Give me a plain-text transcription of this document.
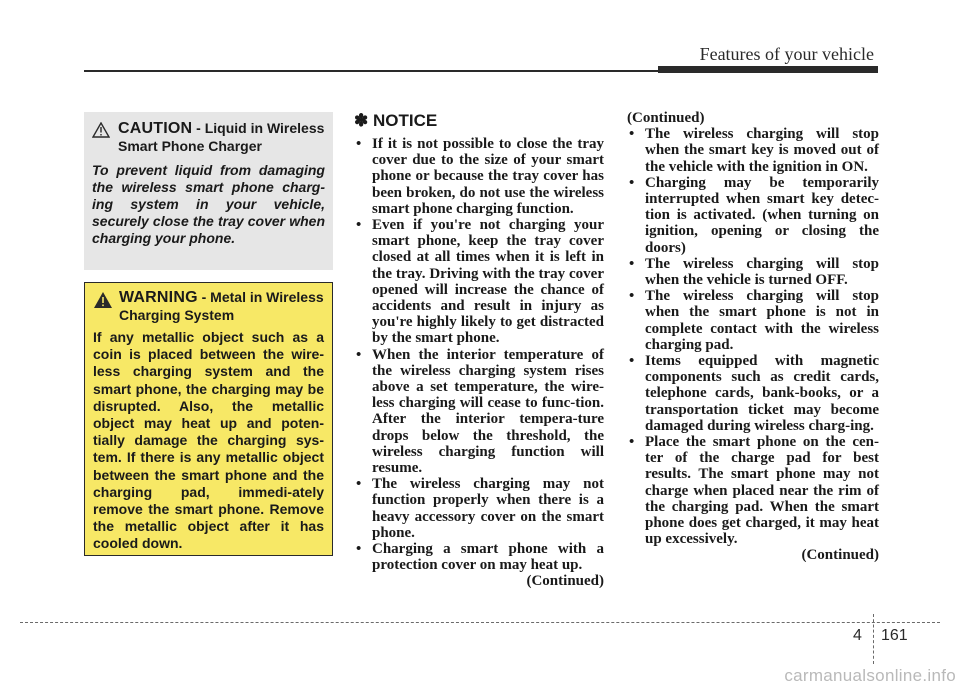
Features of your vehicle
CAUTION - Liquid in Wireless Smart Phone Charger
To prevent liquid from damaging the wireless smart phone charg-ing system in your vehicle, securely close the tray cover when charging your phone.
WARNING - Metal in Wireless Charging System
If any metallic object such as a coin is placed between the wire-less charging system and the smart phone, the charging may be disrupted. Also, the metallic object may heat up and poten-tially damage the charging sys-tem. If there is any metallic object between the smart phone and the charging pad, immedi-ately remove the smart phone. Remove the metallic object after it has cooled down.
✽ NOTICE
• If it is not possible to close the tray cover due to the size of your smart phone or because the tray cover has been broken, do not use the wireless smart phone charging function.
• Even if you're not charging your smart phone, keep the tray cover closed at all times when it is left in the tray. Driving with the tray cover opened will increase the chance of accidents and result in injury as you're highly likely to get distracted by the smart phone.
• When the interior temperature of the wireless charging system rises above a set temperature, the wire-less charging will cease to func-tion. After the interior tempera-ture drops below the threshold, the wireless charging function will resume.
• The wireless charging may not function properly when there is a heavy accessory cover on the smart phone.
• Charging a smart phone with a protection cover on may heat up.
(Continued)
(Continued)
• The wireless charging will stop when the smart key is moved out of the vehicle with the ignition in ON.
• Charging may be temporarily interrupted when smart key detec-tion is activated. (when turning on ignition, opening or closing the doors)
• The wireless charging will stop when the vehicle is turned OFF.
• The wireless charging will stop when the smart phone is not in complete contact with the wireless charging pad.
• Items equipped with magnetic components such as credit cards, telephone cards, bank-books, or a transportation ticket may become damaged during wireless charg-ing.
• Place the smart phone on the cen-ter of the charge pad for best results. The smart phone may not charge when placed near the rim of the charging pad. When the smart phone does get charged, it may heat up excessively.
(Continued)
4 161
carmanualsonline.info
